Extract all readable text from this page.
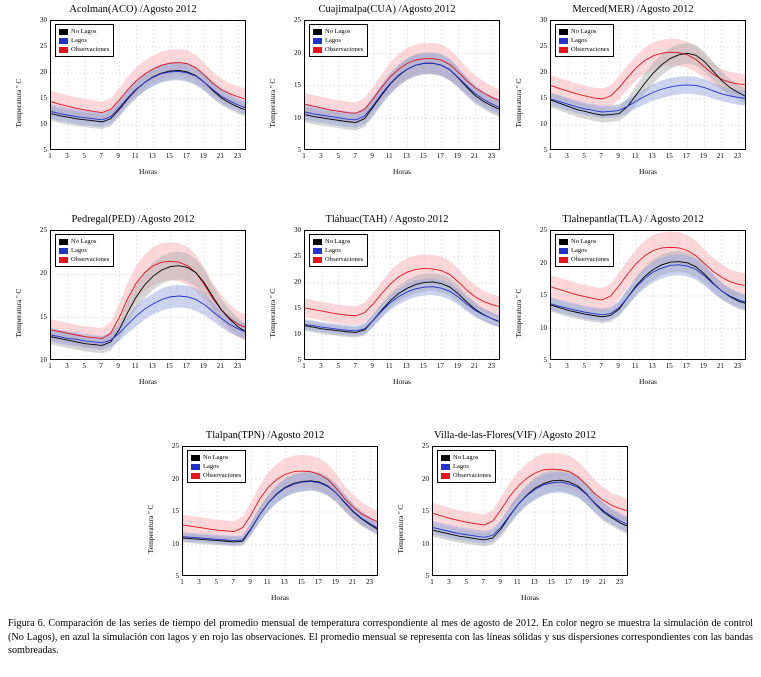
Acolman(ACO) /Agosto 2012
Temperatura º C
Horas
5
10
15
20
25
30
1 3 5 7 9 11 13 15 17 19 21 23
No Lagos
Lagos
Observaciones
Cuajimalpa(CUA) /Agosto 2012
Temperatura º C
Horas
5
10
15
20
25
1 3 5 7 9 11 13 15 17 19 21 23
No Lagos
Lagos
Observaciones
Merced(MER) /Agosto 2012
Temperatura º C
Horas
5
10
15
20
25
30
1 3 5 7 9 11 13 15 17 19 21 23
No Lagos
Lagos
Observaciones
Pedregal(PED) /Agosto 2012
Temperatura º C
Horas
10
15
20
25
1 3 5 7 9 11 13 15 17 19 21 23
No Lagos
Lagos
Observaciones
Tláhuac(TAH) / Agosto 2012
Temperatura º C
Horas
5
10
15
20
25
30
1 3 5 7 9 11 13 15 17 19 21 23
No Lagos
Lagos
Observaciones
Tlalnepantla(TLA) / Agosto 2012
Temperatura º C
Horas
5
10
15
20
25
1 3 5 7 9 11 13 15 17 19 21 23
No Lagos
Lagos
Observaciones
Tlalpan(TPN) /Agosto 2012
Temperatura º C
Horas
5
10
15
20
25
1 3 5 7 9 11 13 15 17 19 21 23
No Lagos
Lagos
Observaciones
Villa-de-las-Flores(VIF) /Agosto 2012
Temperatura º C
Horas
5
10
15
20
25
1 3 5 7 9 11 13 15 17 19 21 23
No Lagos
Lagos
Observaciones
Figura 6. Comparación de las series de tiempo del promedio mensual de temperatura correspondiente al mes de agosto de 2012. En color negro se muestra la simulación de control (No Lagos), en azul la simulación con lagos y en rojo las observaciones. El promedio mensual se representa con las líneas sólidas y sus dispersiones correspondientes con las bandas sombreadas.
